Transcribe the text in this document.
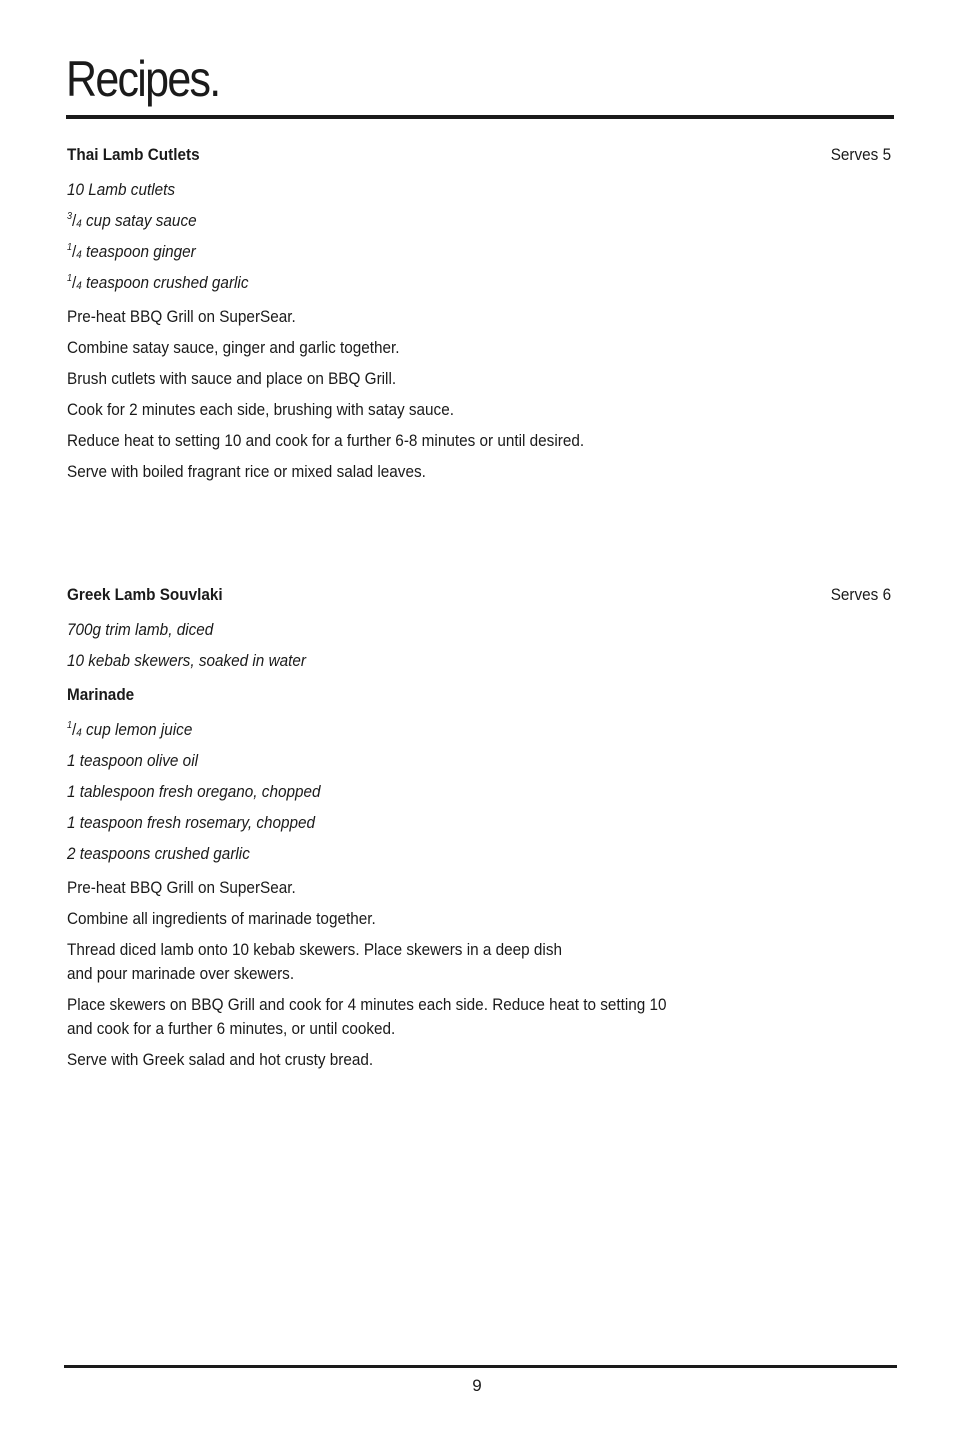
Recipes.
Thai Lamb Cutlets	Serves 5
10 Lamb cutlets
$^3/_4$ cup satay sauce
$^1/_4$ teaspoon ginger
$^1/_4$ teaspoon crushed garlic
Pre-heat BBQ Grill on SuperSear.
Combine satay sauce, ginger and garlic together.
Brush cutlets with sauce and place on BBQ Grill.
Cook for 2 minutes each side, brushing with satay sauce.
Reduce heat to setting 10 and cook for a further 6-8 minutes or until desired.
Serve with boiled fragrant rice or mixed salad leaves.
Greek Lamb Souvlaki	Serves 6
700g trim lamb, diced
10 kebab skewers, soaked in water
Marinade
$^1/_4$ cup lemon juice
1 teaspoon olive oil
1 tablespoon fresh oregano, chopped
1 teaspoon fresh rosemary, chopped
2 teaspoons crushed garlic
Pre-heat BBQ Grill on SuperSear.
Combine all ingredients of marinade together.
Thread diced lamb onto 10 kebab skewers. Place skewers in a deep dish
and pour marinade over skewers.
Place skewers on BBQ Grill and cook for 4 minutes each side. Reduce heat to setting 10
and cook for a further 6 minutes, or until cooked.
Serve with Greek salad and hot crusty bread.
9
